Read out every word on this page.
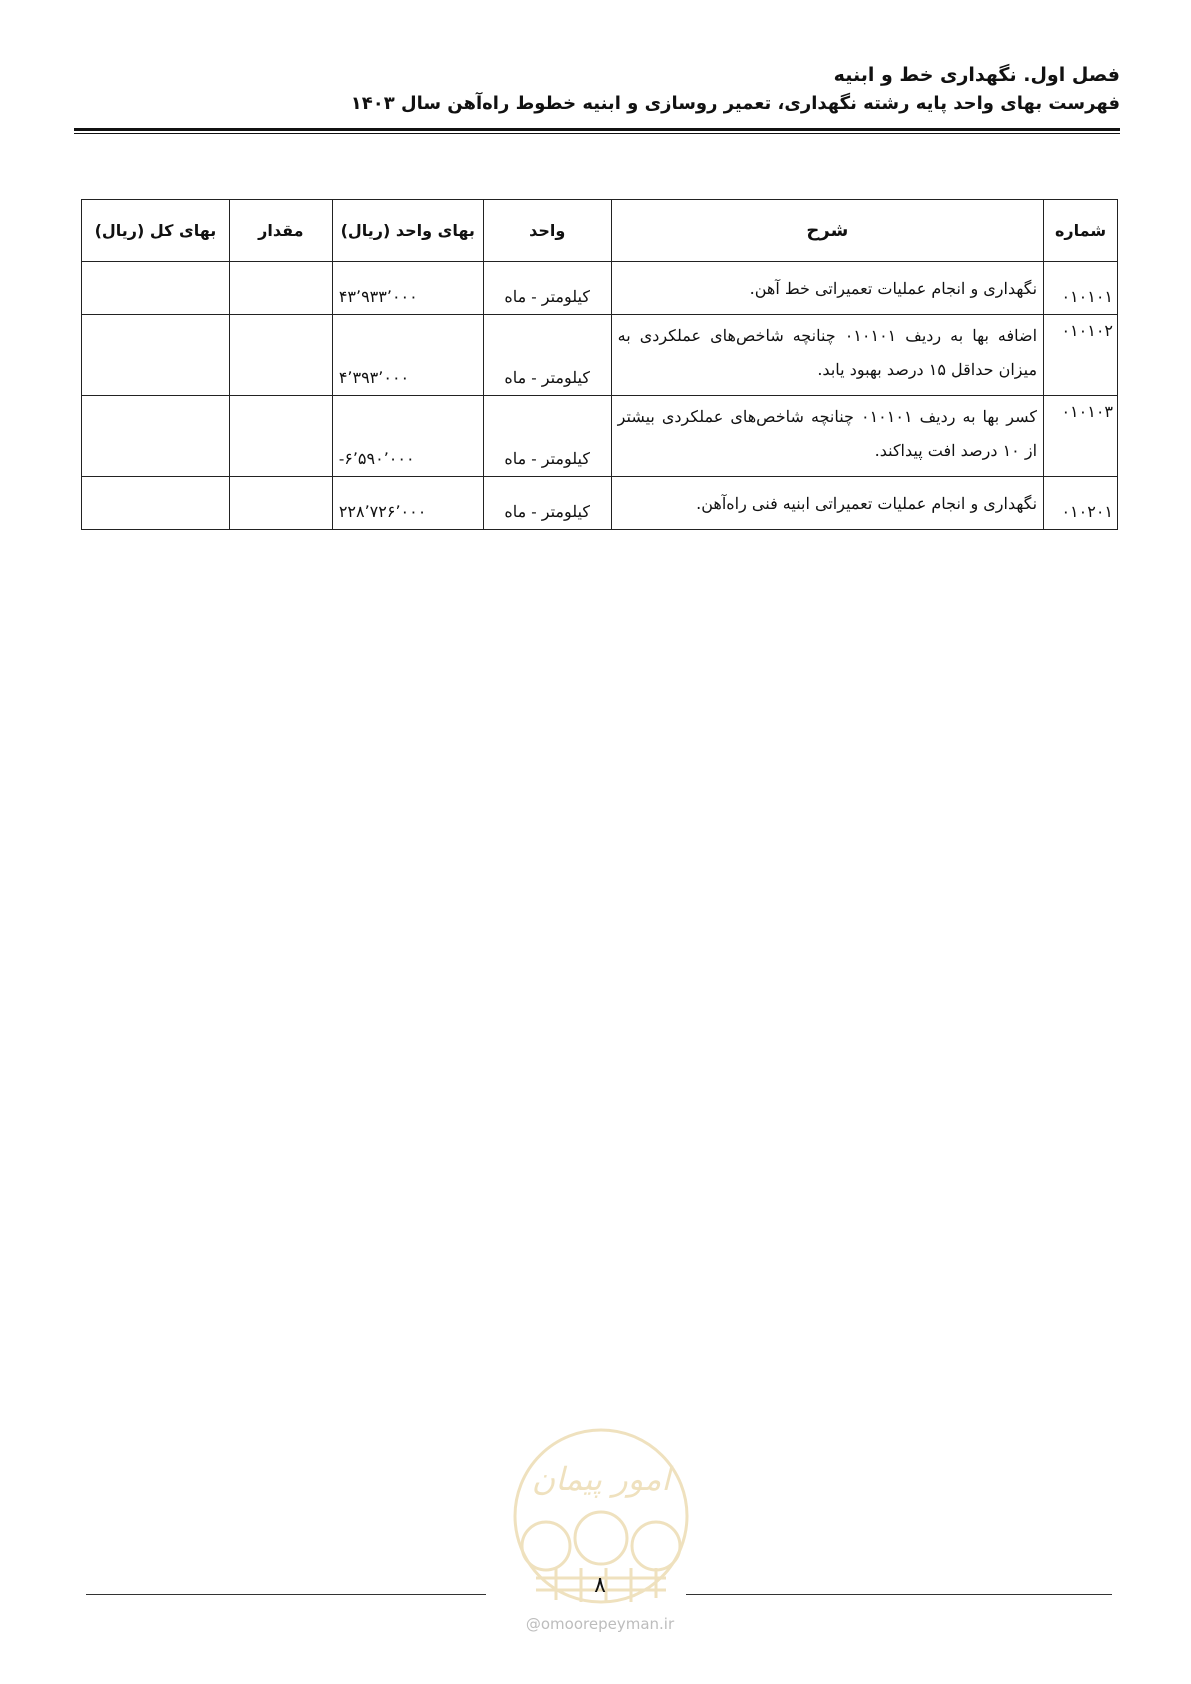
فصل اول. نگهداری خط و ابنیه
فهرست بهای واحد پایه رشته نگهداری، تعمیر روسازی و ابنیه خطوط راه‌آهن سال ۱۴۰۳
شماره	شرح	واحد	بهای واحد (ریال)	مقدار	بهای کل (ریال)
۰۱۰۱۰۱	نگهداری و انجام عملیات تعمیراتی خط آهن.	کیلومتر - ماه	۴۳٬۹۳۳٬۰۰۰		
۰۱۰۱۰۲	اضافه بها به ردیف ۰۱۰۱۰۱ چنانچه شاخص‌های عملکردی به میزان حداقل ۱۵ درصد بهبود یابد.	کیلومتر - ماه	۴٬۳۹۳٬۰۰۰		
۰۱۰۱۰۳	کسر بها به ردیف ۰۱۰۱۰۱ چنانچه شاخص‌های عملکردی بیشتر از ۱۰ درصد افت پیداکند.	کیلومتر - ماه	-۶٬۵۹۰٬۰۰۰		
۰۱۰۲۰۱	نگهداری و انجام عملیات تعمیراتی ابنیه فنی راه‌آهن.	کیلومتر - ماه	۲۲۸٬۷۲۶٬۰۰۰		
امور پیمان
۸
@omoorepeyman.ir
